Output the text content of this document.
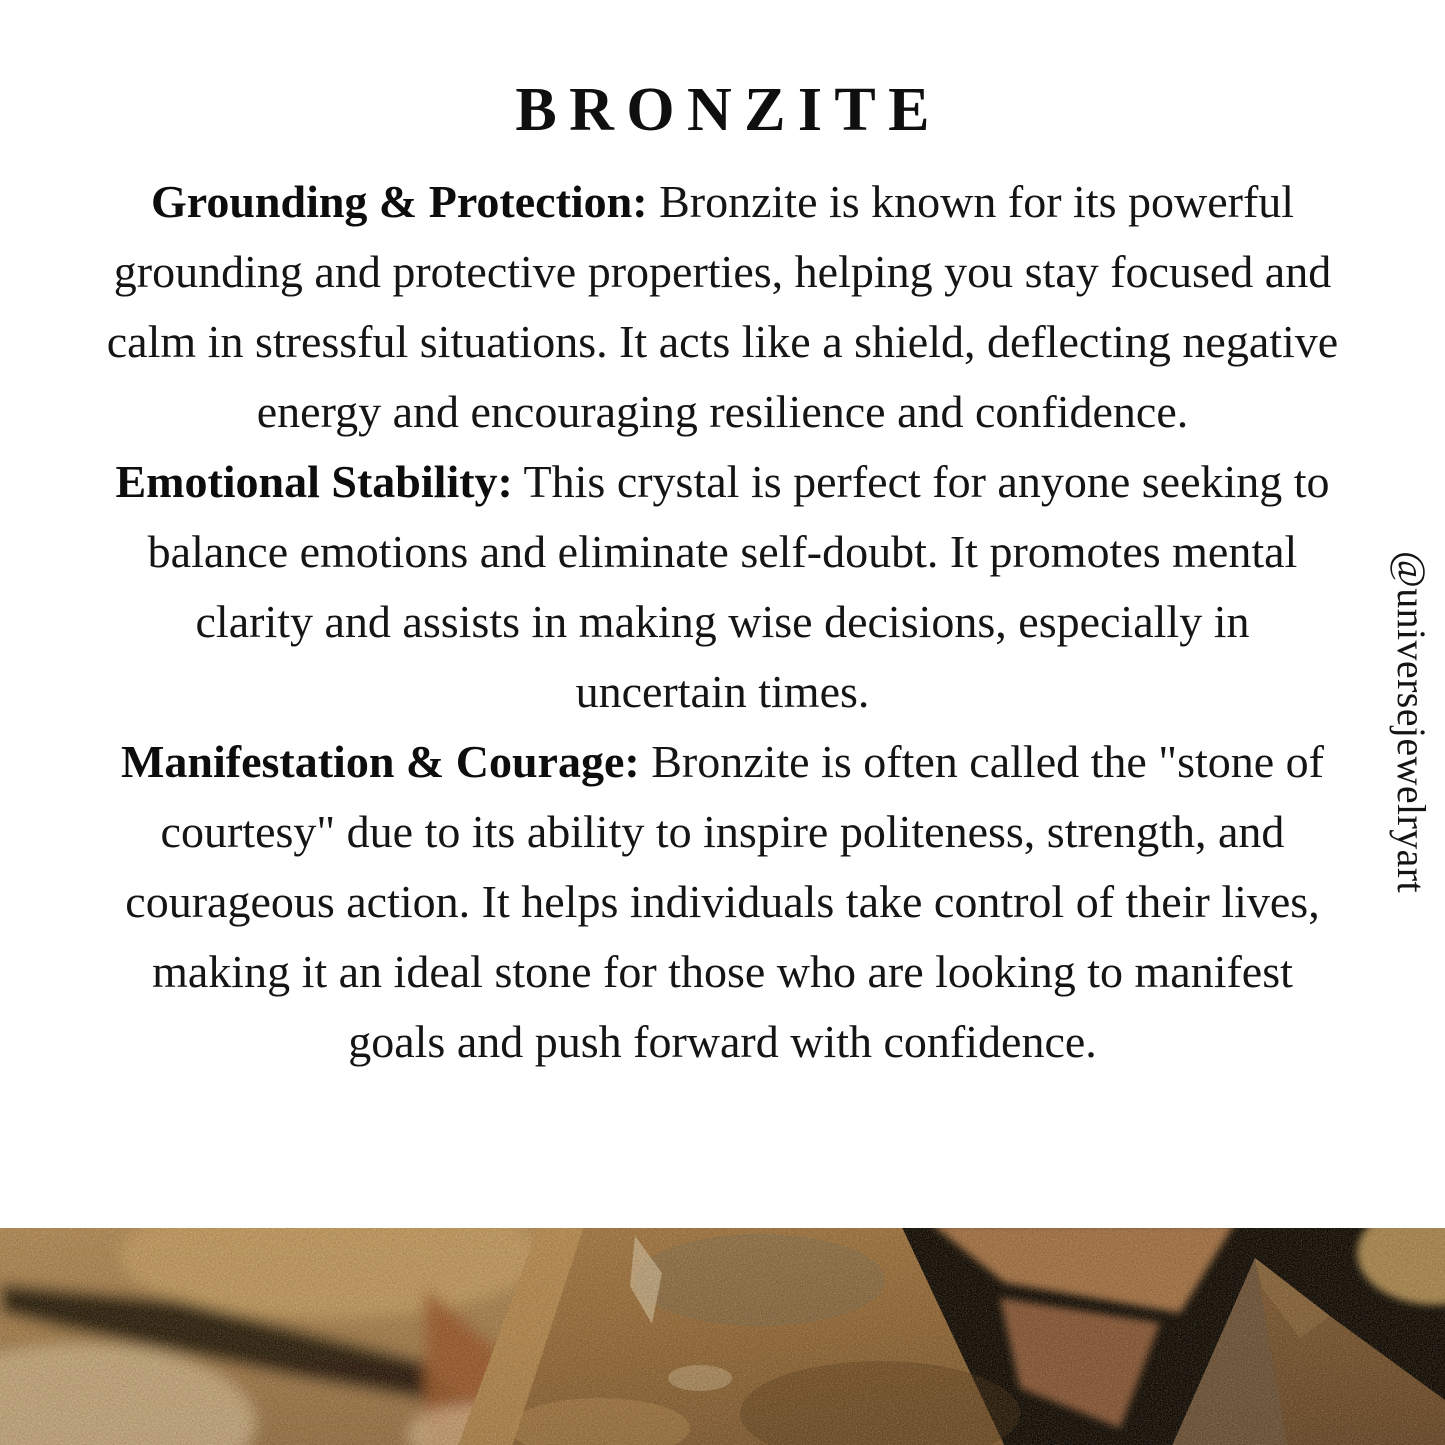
BRONZITE

Grounding & Protection: Bronzite is known for its powerful grounding and protective properties, helping you stay focused and calm in stressful situations. It acts like a shield, deflecting negative energy and encouraging resilience and confidence.

Emotional Stability: This crystal is perfect for anyone seeking to balance emotions and eliminate self-doubt. It promotes mental clarity and assists in making wise decisions, especially in uncertain times.

Manifestation & Courage: Bronzite is often called the "stone of courtesy" due to its ability to inspire politeness, strength, and courageous action. It helps individuals take control of their lives, making it an ideal stone for those who are looking to manifest goals and push forward with confidence.

@universejewelryart
